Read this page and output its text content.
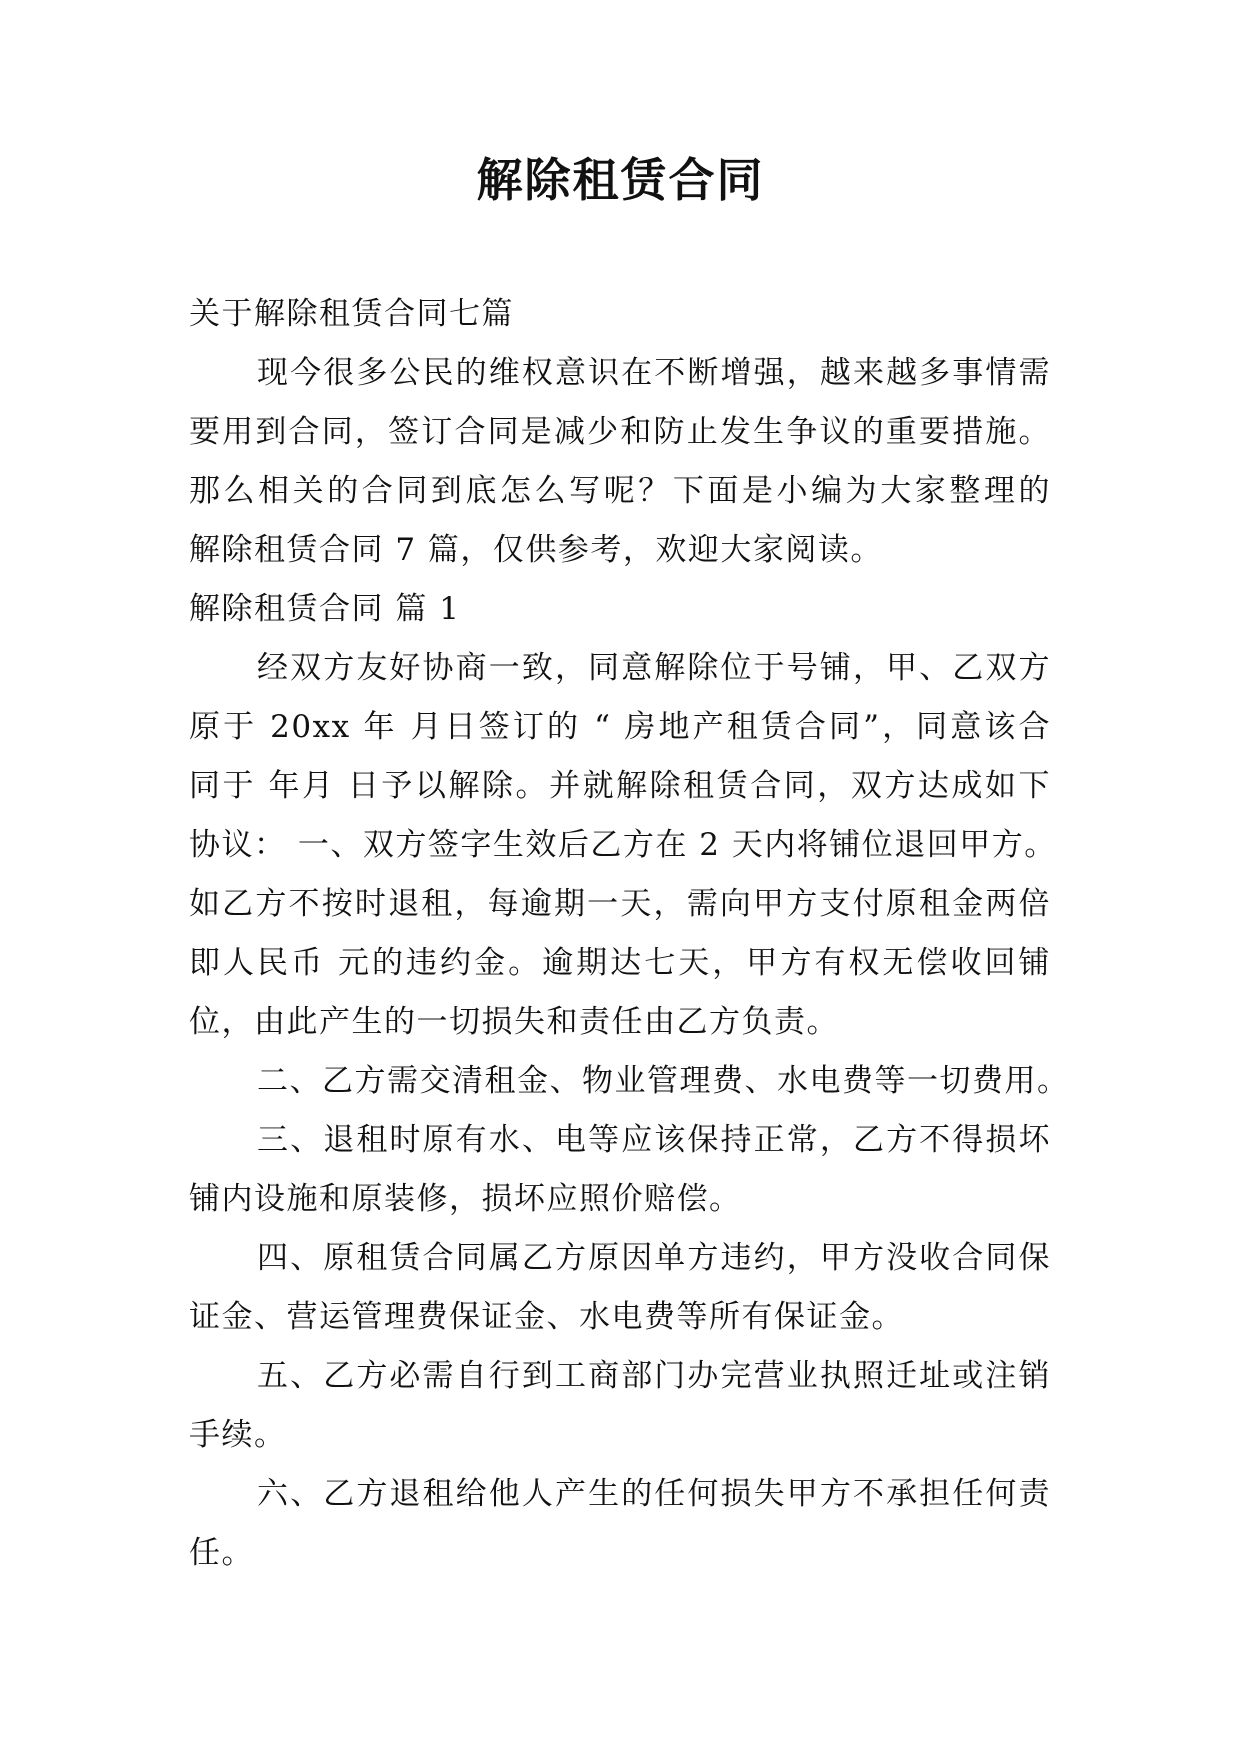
解除租赁合同
关于解除租赁合同七篇
现今很多公民的维权意识在不断增强，越来越多事情需
要用到合同，签订合同是减少和防止发生争议的重要措施。
那么相关的合同到底怎么写呢？下面是小编为大家整理的
解除租赁合同 7 篇，仅供参考，欢迎大家阅读。
解除租赁合同 篇 1
经双方友好协商一致，同意解除位于号铺，甲、乙双方
原于 20xx 年 月日签订的 “ 房地产租赁合同”，同意该合
同于 年月 日予以解除。并就解除租赁合同，双方达成如下
协议： 一、双方签字生效后乙方在 2 天内将铺位退回甲方。
如乙方不按时退租，每逾期一天，需向甲方支付原租金两倍
即人民币 元的违约金。逾期达七天，甲方有权无偿收回铺
位，由此产生的一切损失和责任由乙方负责。
二、乙方需交清租金、物业管理费、水电费等一切费用。
三、退租时原有水、电等应该保持正常，乙方不得损坏
铺内设施和原装修，损坏应照价赔偿。
四、原租赁合同属乙方原因单方违约，甲方没收合同保
证金、营运管理费保证金、水电费等所有保证金。
五、乙方必需自行到工商部门办完营业执照迁址或注销
手续。
六、乙方退租给他人产生的任何损失甲方不承担任何责
任。
